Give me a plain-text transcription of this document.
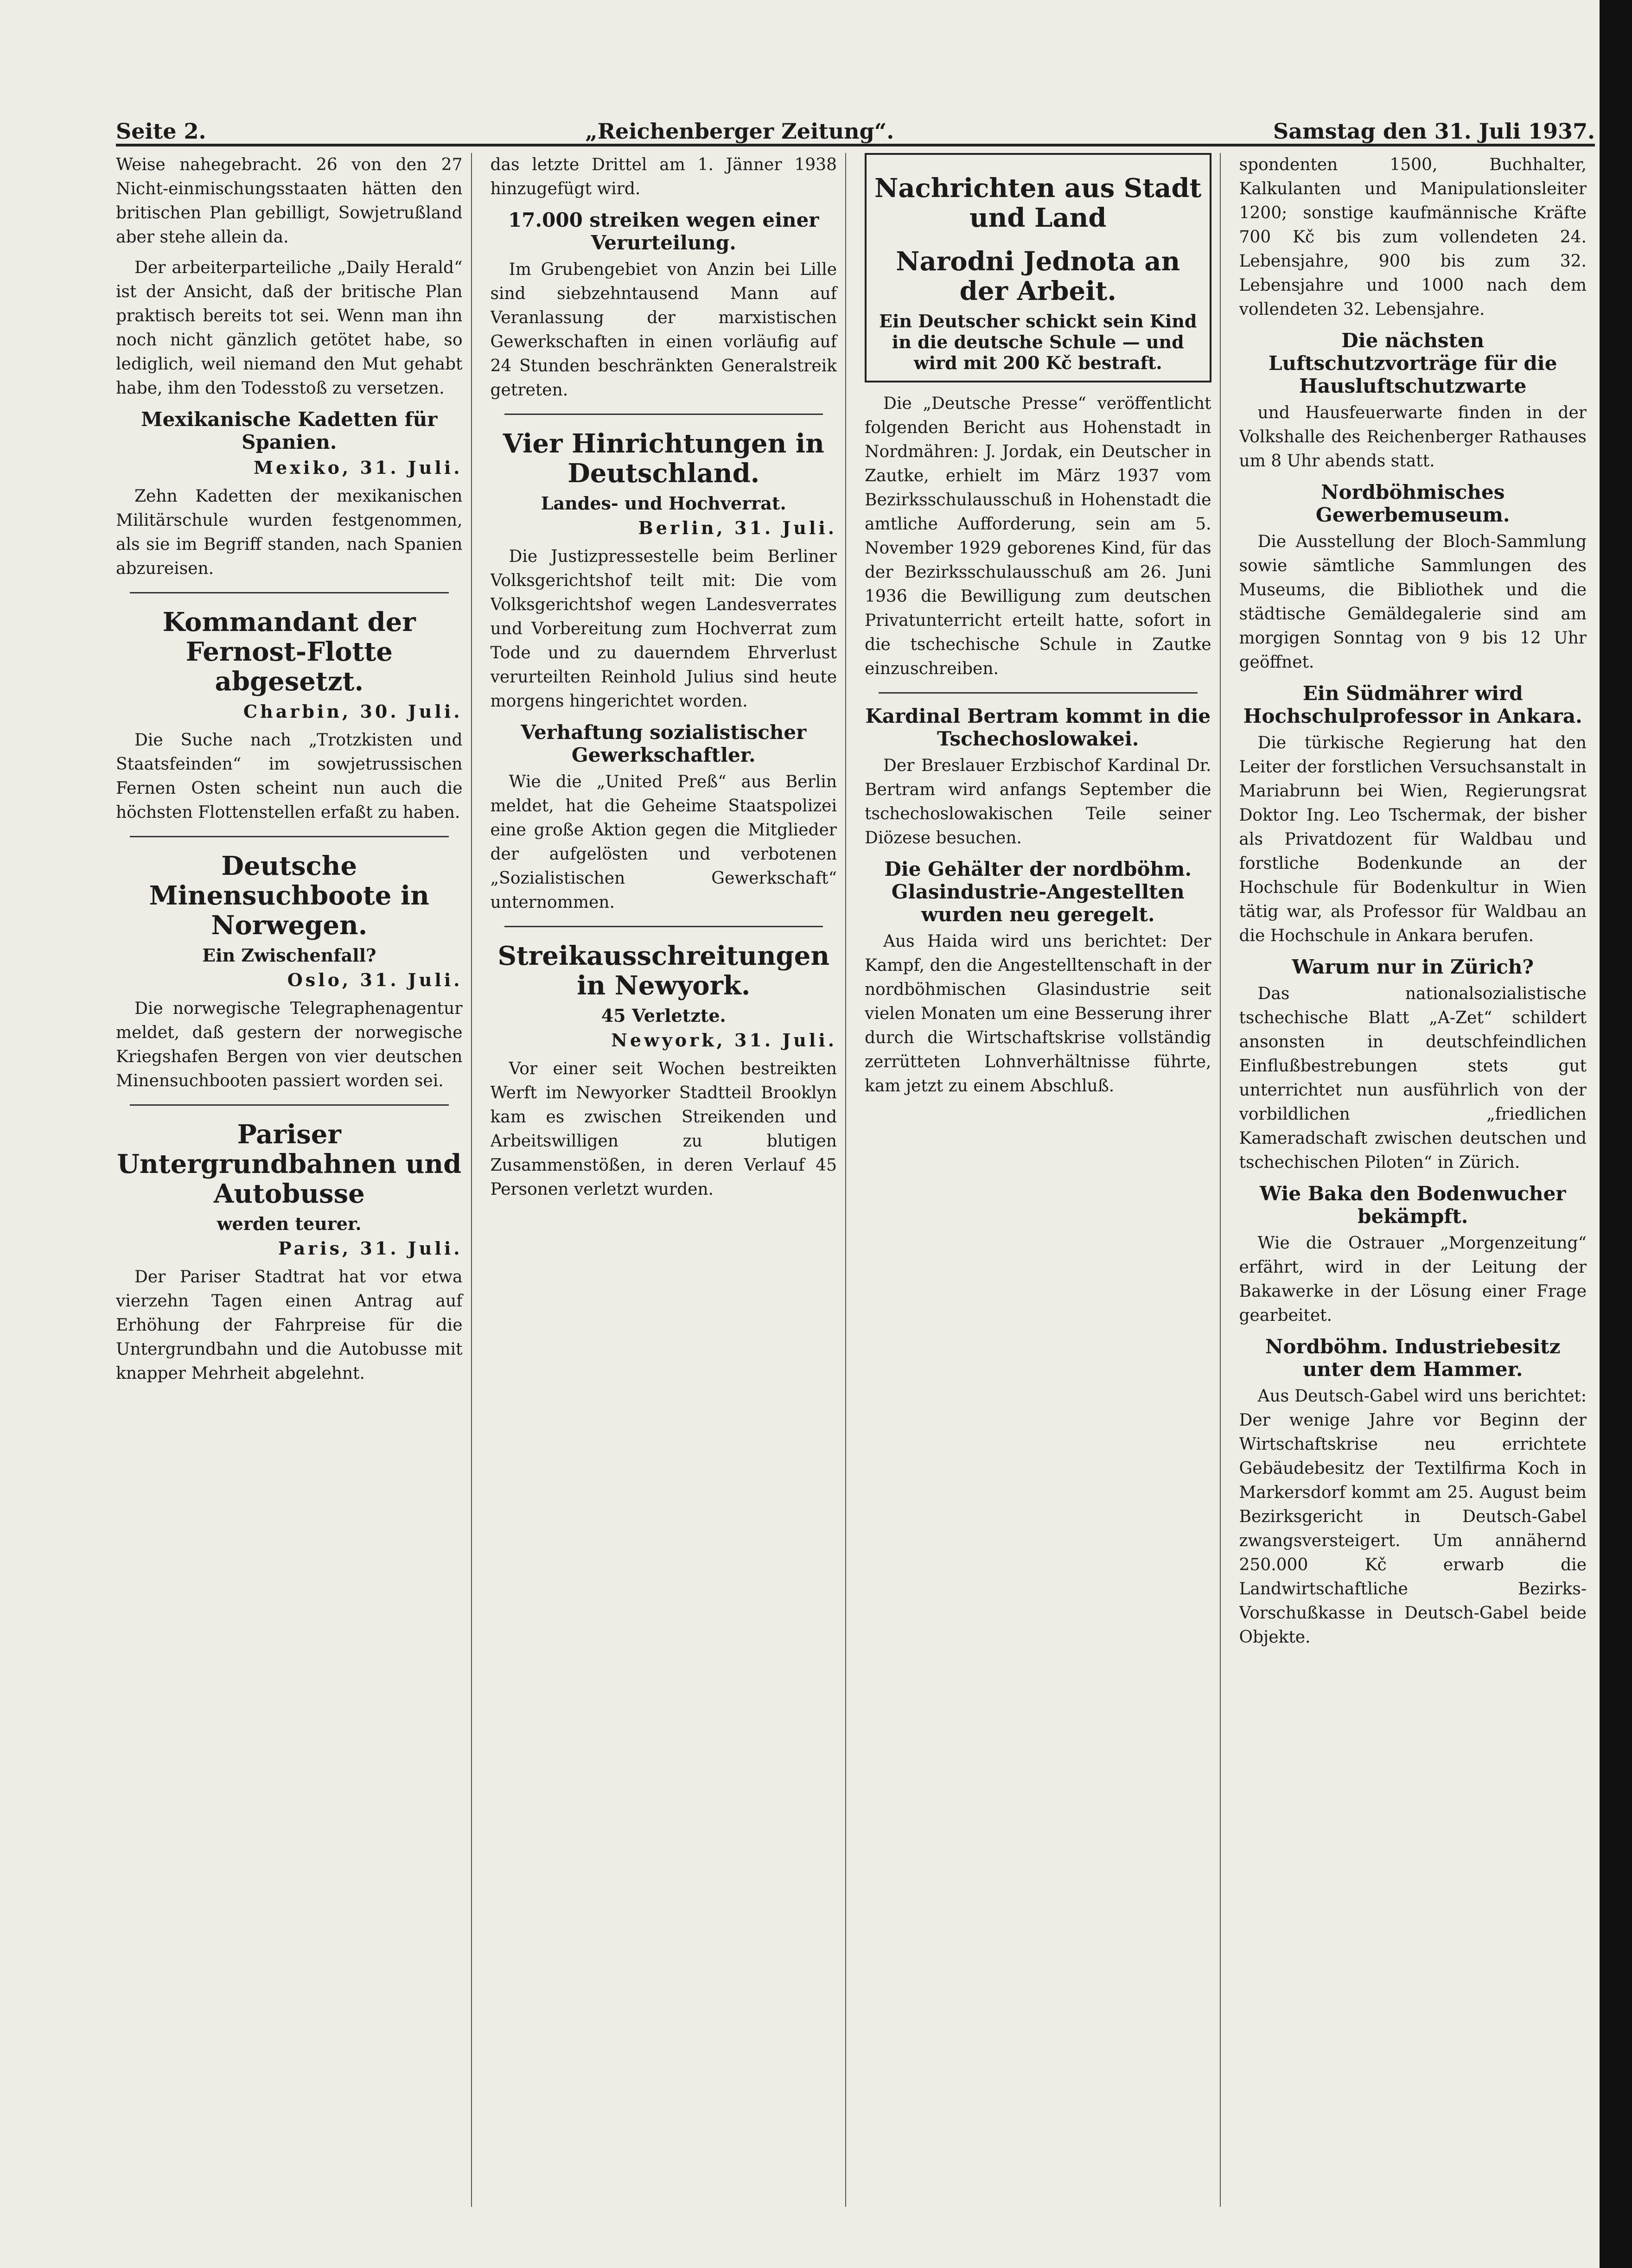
Seite 2.	„Reichenberger Zeitung“.	Samstag den 31. Juli 1937.

Weise nahegebracht. 26 von den 27 Nicht-einmischungsstaaten hätten den britischen Plan gebilligt, Sowjetrußland aber stehe allein da.

Der arbeiterparteiliche „Daily Herald“ ist der Ansicht, daß der britische Plan praktisch bereits tot sei. Wenn man ihn noch nicht gänzlich getötet habe, so lediglich, weil niemand den Mut gehabt habe, ihm den Todesstoß zu versetzen.

Mexikanische Kadetten für Spanien.
Mexiko, 31. Juli.

Zehn Kadetten der mexikanischen Militärschule wurden festgenommen, als sie im Begriff standen, nach Spanien abzureisen.

Kommandant der Fernost-Flotte abgesetzt.
Charbin, 30. Juli.

Die Suche nach „Trotzkisten und Staatsfeinden“ im sowjetrussischen Fernen Osten scheint nun auch die höchsten Flottenstellen erfaßt zu haben.

Deutsche Minensuchboote in Norwegen.
Ein Zwischenfall?
Oslo, 31. Juli.

Die norwegische Telegraphenagentur meldet, daß gestern der norwegische Kriegshafen Bergen von vier deutschen Minensuchbooten passiert worden sei.

Pariser Untergrundbahnen und Autobusse
werden teurer.
Paris, 31. Juli.

Der Pariser Stadtrat hat vor etwa vierzehn Tagen einen Antrag auf Erhöhung der Fahrpreise für die Untergrundbahn und die Autobusse mit knapper Mehrheit abgelehnt.

das letzte Drittel am 1. Jänner 1938 hinzugefügt wird.

17.000 streiken wegen einer Verurteilung.

Im Grubengebiet von Anzin bei Lille sind siebzehntausend Mann auf Veranlassung der marxistischen Gewerkschaften in einen vorläufig auf 24 Stunden beschränkten Generalstreik getreten.

Vier Hinrichtungen in Deutschland.
Landes- und Hochverrat.
Berlin, 31. Juli.

Die Justizpressestelle beim Berliner Volksgerichtshof teilt mit: Die vom Volksgerichtshof wegen Landesverrates und Vorbereitung zum Hochverrat zum Tode und zu dauerndem Ehrverlust verurteilten Reinhold Julius sind heute morgens hingerichtet worden.

Verhaftung sozialistischer Gewerkschaftler.

Wie die „United Preß“ aus Berlin meldet, hat die Geheime Staatspolizei eine große Aktion gegen die Mitglieder der aufgelösten und verbotenen „Sozialistischen Gewerkschaft“ unternommen.

Streikausschreitungen in Newyork.
45 Verletzte.
Newyork, 31. Juli.

Vor einer seit Wochen bestreikten Werft im Newyorker Stadtteil Brooklyn kam es zwischen Streikenden und Arbeitswilligen zu blutigen Zusammenstößen, in deren Verlauf 45 Personen verletzt wurden.

Nachrichten aus Stadt und Land
Narodni Jednota an der Arbeit.
Ein Deutscher schickt sein Kind in die deutsche Schule — und wird mit 200 Kč bestraft.

Die „Deutsche Presse“ veröffentlicht folgenden Bericht aus Hohenstadt in Nordmähren: J. Jordak, ein Deutscher in Zautke, erhielt im März 1937 vom Bezirksschulausschuß in Hohenstadt die amtliche Aufforderung, sein am 5. November 1929 geborenes Kind, für das der Bezirksschulausschuß am 26. Juni 1936 die Bewilligung zum deutschen Privatunterricht erteilt hatte, sofort in die tschechische Schule in Zautke einzuschreiben.

Kardinal Bertram kommt in die Tschechoslowakei.

Der Breslauer Erzbischof Kardinal Dr. Bertram wird anfangs September die tschechoslowakischen Teile seiner Diözese besuchen.

Die Gehälter der nordböhm. Glasindustrie-Angestellten wurden neu geregelt.

Aus Haida wird uns berichtet: Der Kampf, den die Angestelltenschaft in der nordböhmischen Glasindustrie seit vielen Monaten um eine Besserung ihrer durch die Wirtschaftskrise vollständig zerrütteten Lohnverhältnisse führte, kam jetzt zu einem Abschluß.

spondenten 1500, Buchhalter, Kalkulanten und Manipulationsleiter 1200; sonstige kaufmännische Kräfte 700 Kč bis zum vollendeten 24. Lebensjahre, 900 bis zum 32. Lebensjahre und 1000 nach dem vollendeten 32. Lebensjahre.

Die nächsten Luftschutzvorträge für die Hausluftschutzwarte

und Hausfeuerwarte finden in der Volkshalle des Reichenberger Rathauses um 8 Uhr abends statt.

Nordböhmisches Gewerbemuseum.

Die Ausstellung der Bloch-Sammlung sowie sämtliche Sammlungen des Museums, die Bibliothek und die städtische Gemäldegalerie sind am morgigen Sonntag von 9 bis 12 Uhr geöffnet.

Ein Südmährer wird Hochschulprofessor in Ankara.

Die türkische Regierung hat den Leiter der forstlichen Versuchsanstalt in Mariabrunn bei Wien, Regierungsrat Doktor Ing. Leo Tschermak, der bisher als Privatdozent für Waldbau und forstliche Bodenkunde an der Hochschule für Bodenkultur in Wien tätig war, als Professor für Waldbau an die Hochschule in Ankara berufen.

Warum nur in Zürich?

Das nationalsozialistische tschechische Blatt „A-Zet“ schildert ansonsten in deutschfeindlichen Einflußbestrebungen stets gut unterrichtet nun ausführlich von der vorbildlichen „friedlichen Kameradschaft zwischen deutschen und tschechischen Piloten“ in Zürich.

Wie Baka den Bodenwucher bekämpft.

Wie die Ostrauer „Morgenzeitung“ erfährt, wird in der Leitung der Bakawerke in der Lösung einer Frage gearbeitet.

Nordböhm. Industriebesitz unter dem Hammer.

Aus Deutsch-Gabel wird uns berichtet: Der wenige Jahre vor Beginn der Wirtschaftskrise neu errichtete Gebäudebesitz der Textilfirma Koch in Markersdorf kommt am 25. August beim Bezirksgericht in Deutsch-Gabel zwangsversteigert. Um annähernd 250.000 Kč erwarb die Landwirtschaftliche Bezirks-Vorschußkasse in Deutsch-Gabel beide Objekte.
